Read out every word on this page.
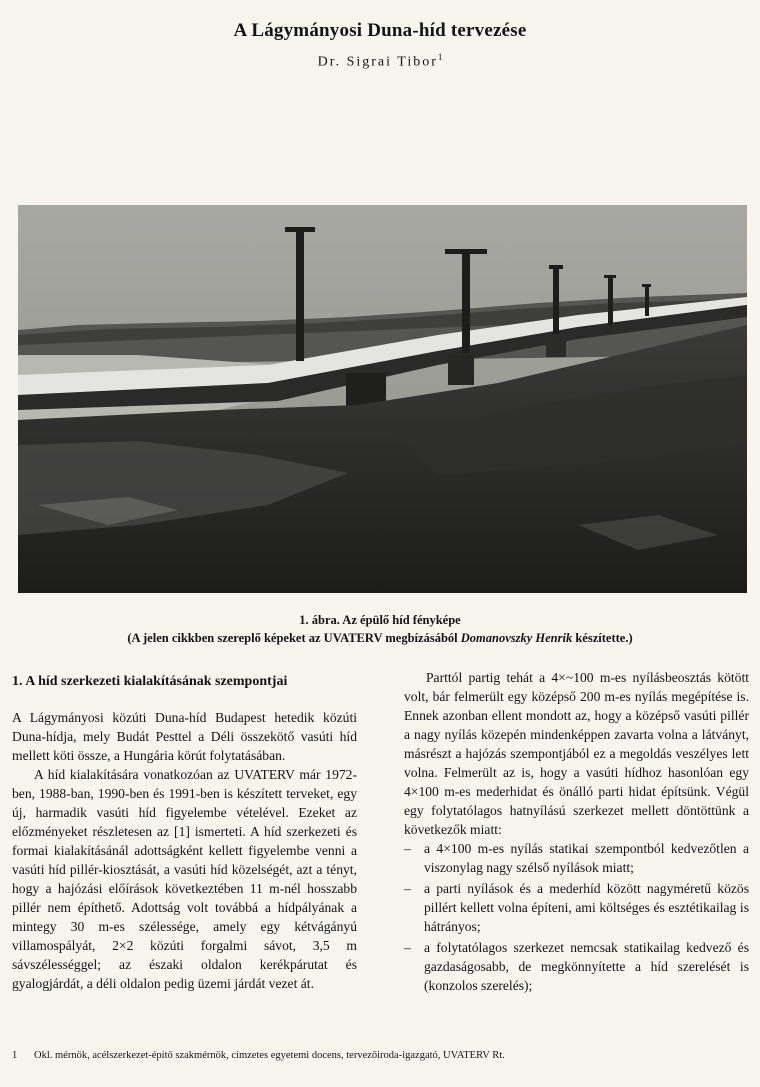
A Lágymányosi Duna-híd tervezése
Dr. Sigrai Tibor$^1$
1. ábra. Az épülő híd fényképe
(A jelen cikkben szereplő képeket az UVATERV megbízásából Domanovszky Henrik készítette.)

1. A híd szerkezeti kialakításának szempontjai

A Lágymányosi közúti Duna-híd Budapest hetedik közúti Duna-hídja, mely Budát Pesttel a Déli összekötő vasúti híd mellett köti össze, a Hungária körút folytatásában.

A híd kialakítására vonatkozóan az UVATERV már 1972-ben, 1988-ban, 1990-ben és 1991-ben is készített terveket, egy új, harmadik vasúti híd figyelembe vételével. Ezeket az előzményeket részletesen az [1] ismerteti. A híd szerkezeti és formai kialakításánál adottságként kellett figyelembe venni a vasúti híd pillér-kiosztását, a vasúti híd közelségét, azt a tényt, hogy a hajózási előírások következtében 11 m-nél hosszabb pillér nem építhető. Adottság volt továbbá a hídpályának a mintegy 30 m-es szélessége, amely egy kétvágányú villamospályát, 2×2 közúti forgalmi sávot, 3,5 m sávszélességgel; az északi oldalon kerékpárutat és gyalogjárdát, a déli oldalon pedig üzemi járdát vezet át.

Parttól partig tehát a 4×~100 m-es nyílásbeosztás kötött volt, bár felmerült egy középső 200 m-es nyílás megépítése is. Ennek azonban ellent mondott az, hogy a középső vasúti pillér a nagy nyílás közepén mindenképpen zavarta volna a látványt, másrészt a hajózás szempontjából ez a megoldás veszélyes lett volna. Felmerült az is, hogy a vasúti hídhoz hasonlóan egy 4×100 m-es mederhidat és önálló parti hidat építsünk. Végül egy folytatólagos hatnyílású szerkezet mellett döntöttünk a következők miatt:

– a 4×100 m-es nyílás statikai szempontból kedvezőtlen a viszonylag nagy szélső nyílások miatt;
– a parti nyílások és a mederhíd között nagyméretű közös pillért kellett volna építeni, ami költséges és esztétikailag is hátrányos;
– a folytatólagos szerkezet nemcsak statikailag kedvező és gazdaságosabb, de megkönnyítette a híd szerelését is (konzolos szerelés);
1	Okl. mérnök, acélszerkezet-építő szakmérnök, címzetes egyetemi docens, tervezőiroda-igazgató, UVATERV Rt.
